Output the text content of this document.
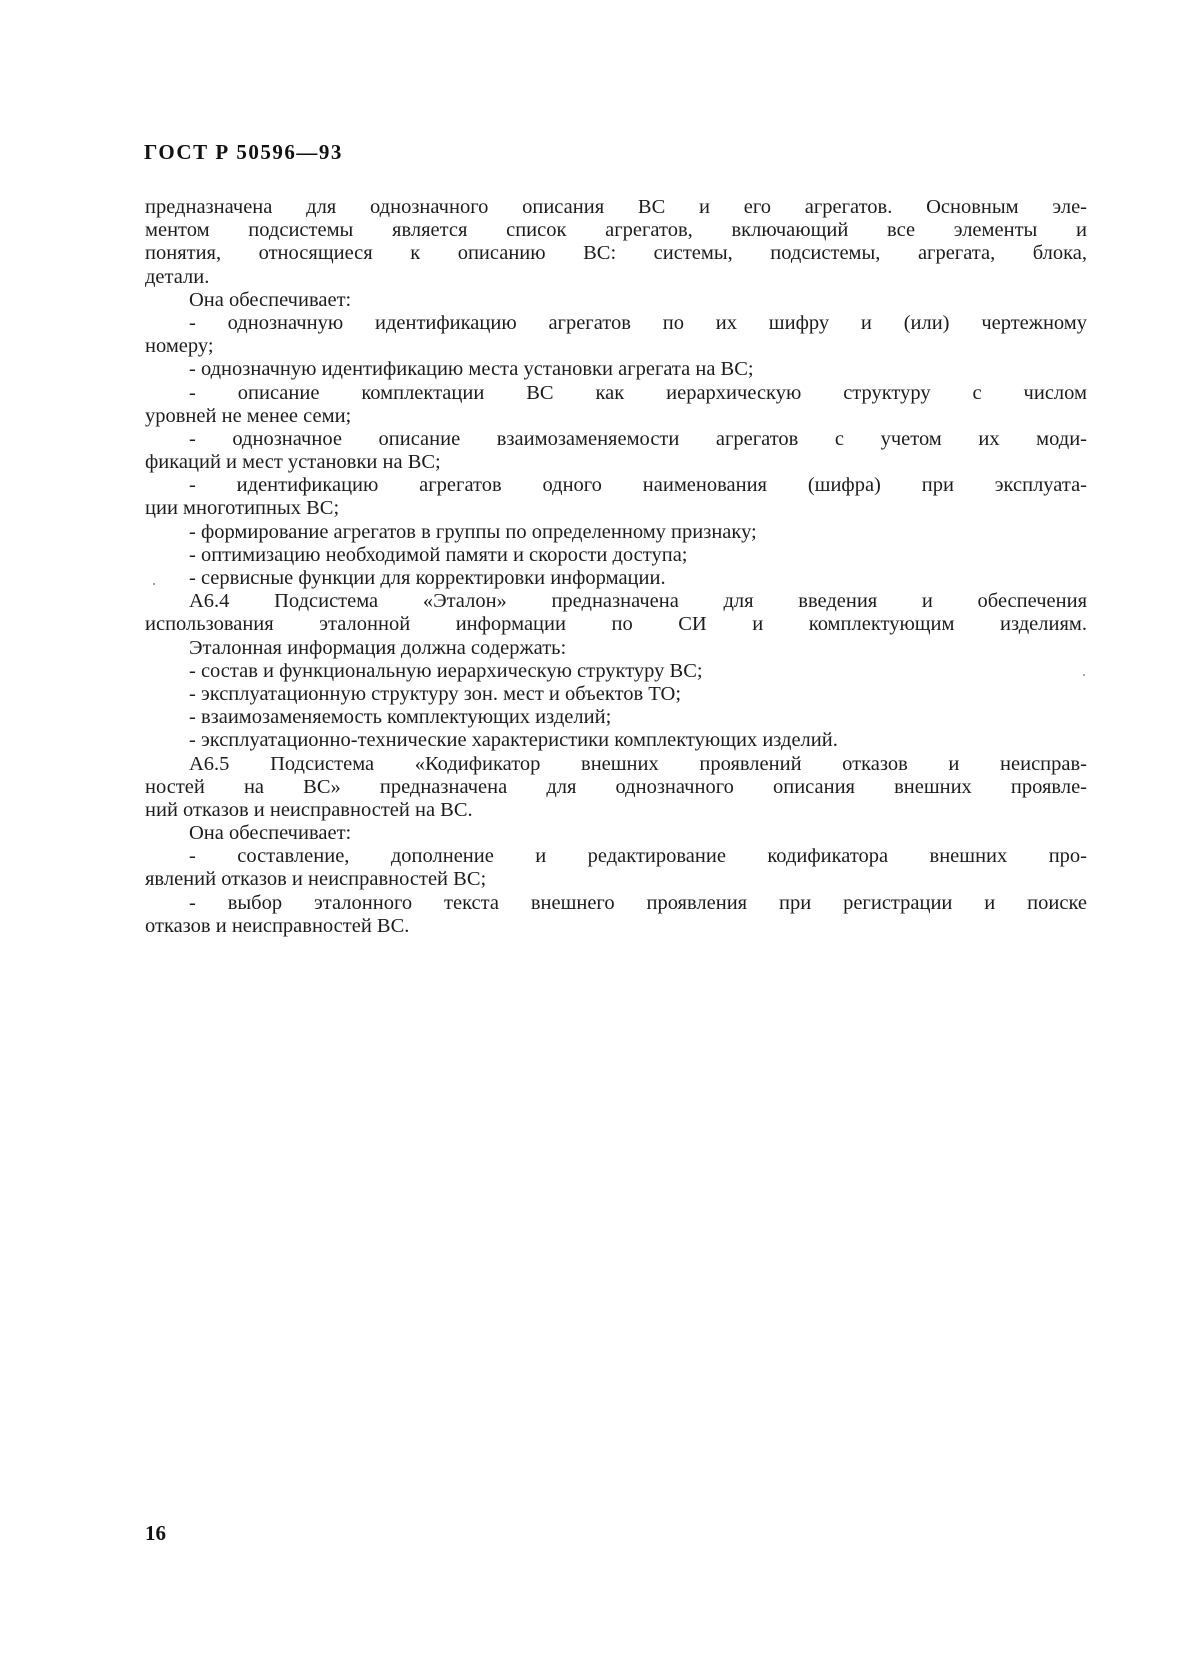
ГОСТ Р 50596—93
предназначена для однозначного описания ВС и его агрегатов. Основным эле-
ментом подсистемы является список агрегатов, включающий все элементы и
понятия, относящиеся к описанию ВС: системы, подсистемы, агрегата, блока,
детали.
Она обеспечивает:
- однозначную идентификацию агрегатов по их шифру и (или) чертежному
номеру;
- однозначную идентификацию места установки агрегата на ВС;
- описание комплектации ВС как иерархическую структуру с числом
уровней не менее семи;
- однозначное описание взаимозаменяемости агрегатов с учетом их моди-
фикаций и мест установки на ВС;
- идентификацию агрегатов одного наименования (шифра) при эксплуата-
ции многотипных ВС;
- формирование агрегатов в группы по определенному признаку;
- оптимизацию необходимой памяти и скорости доступа;
- сервисные функции для корректировки информации.
А6.4 Подсистема «Эталон» предназначена для введения и обеспечения
использования эталонной информации по СИ и комплектующим изделиям.
Эталонная информация должна содержать:
- состав и функциональную иерархическую структуру ВС;
- эксплуатационную структуру зон. мест и объектов ТО;
- взаимозаменяемость комплектующих изделий;
- эксплуатационно-технические характеристики комплектующих изделий.
А6.5 Подсистема «Кодификатор внешних проявлений отказов и неисправ-
ностей на ВС» предназначена для однозначного описания внешних проявле-
ний отказов и неисправностей на ВС.
Она обеспечивает:
- составление, дополнение и редактирование кодификатора внешних про-
явлений отказов и неисправностей ВС;
- выбор эталонного текста внешнего проявления при регистрации и поиске
отказов и неисправностей ВС.
16
